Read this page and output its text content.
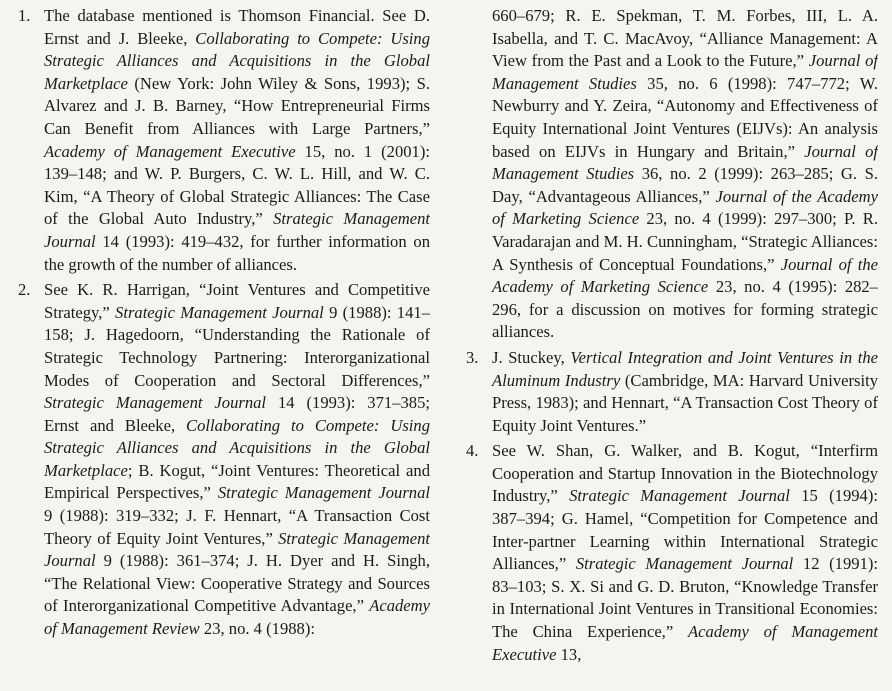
1. The database mentioned is Thomson Financial. See D. Ernst and J. Bleeke, Collaborating to Compete: Using Strategic Alliances and Acquisitions in the Global Marketplace (New York: John Wiley & Sons, 1993); S. Alvarez and J. B. Barney, “How Entrepreneurial Firms Can Benefit from Alliances with Large Partners,” Academy of Management Executive 15, no. 1 (2001): 139–148; and W. P. Burgers, C. W. L. Hill, and W. C. Kim, “A Theory of Global Strategic Alliances: The Case of the Global Auto Industry,” Strategic Management Journal 14 (1993): 419–432, for further information on the growth of the number of alliances.
2. See K. R. Harrigan, “Joint Ventures and Competitive Strategy,” Strategic Management Journal 9 (1988): 141–158; J. Hagedoorn, “Understanding the Rationale of Strategic Technology Partnering: Interorganizational Modes of Cooperation and Sectoral Differences,” Strategic Management Journal 14 (1993): 371–385; Ernst and Bleeke, Collaborating to Compete: Using Strategic Alliances and Acquisitions in the Global Marketplace; B. Kogut, “Joint Ventures: Theoretical and Empirical Perspectives,” Strategic Management Journal 9 (1988): 319–332; J. F. Hennart, “A Transaction Cost Theory of Equity Joint Ventures,” Strategic Management Journal 9 (1988): 361–374; J. H. Dyer and H. Singh, “The Relational View: Cooperative Strategy and Sources of Interorganizational Competitive Advantage,” Academy of Management Review 23, no. 4 (1988):
660–679; R. E. Spekman, T. M. Forbes, III, L. A. Isabella, and T. C. MacAvoy, “Alliance Management: A View from the Past and a Look to the Future,” Journal of Management Studies 35, no. 6 (1998): 747–772; W. Newburry and Y. Zeira, “Autonomy and Effectiveness of Equity International Joint Ventures (EIJVs): An analysis based on EIJVs in Hungary and Britain,” Journal of Management Studies 36, no. 2 (1999): 263–285; G. S. Day, “Advantageous Alliances,” Journal of the Academy of Marketing Science 23, no. 4 (1999): 297–300; P. R. Varadarajan and M. H. Cunningham, “Strategic Alliances: A Synthesis of Conceptual Foundations,” Journal of the Academy of Marketing Science 23, no. 4 (1995): 282–296, for a discussion on motives for forming strategic alliances.
3. J. Stuckey, Vertical Integration and Joint Ventures in the Aluminum Industry (Cambridge, MA: Harvard University Press, 1983); and Hennart, “A Transaction Cost Theory of Equity Joint Ventures.”
4. See W. Shan, G. Walker, and B. Kogut, “Interfirm Cooperation and Startup Innovation in the Biotechnology Industry,” Strategic Management Journal 15 (1994): 387–394; G. Hamel, “Competition for Competence and Inter-partner Learning within International Strategic Alliances,” Strategic Management Journal 12 (1991): 83–103; S. X. Si and G. D. Bruton, “Knowledge Transfer in International Joint Ventures in Transitional Economies: The China Experience,” Academy of Management Executive 13,
